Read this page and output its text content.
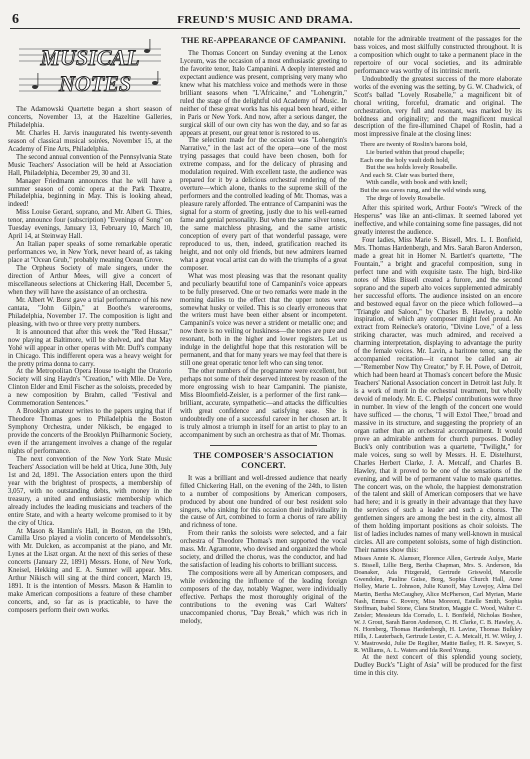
6	FREUND'S MUSIC AND DRAMA.
MUSICAL
NOTES

The Adamowski Quartette began a short season of concerts, November 13, at the Hazeltine Galleries, Philadelphia.

Mr. Charles H. Jarvis inaugurated his twenty-seventh season of classical musical soirées, November 15, at the Academy of Fine Arts, Philadelphia.

The second annual convention of the Pennsylvania State Music Teachers' Association will be held at Association Hall, Philadelphia, December 29, 30 and 31.

Manager Friedmann announces that he will have a summer season of comic opera at the Park Theatre, Philadelphia, beginning in May. This is looking ahead, indeed!

Miss Louise Gerard, soprano, and Mr. Albert G. Thies, tenor, announce four (subscription) "Evenings of Song" on Tuesday evenings, January 13, February 10, March 10, April 14, at Steinway Hall.

An Italian paper speaks of some remarkable operatic performances we, in New York, never heard of, as taking place at "Ocean Grub," probably meaning Ocean Grove.

The Orpheus Society of male singers, under the direction of Arthur Mees, will give a concert of miscellaneous selections at Chickering Hall, December 5, when they will have the assistance of an orchestra.

Mr. Albert W. Borst gave a trial performance of his new cantata, "John Gilpin," at Boothe's warerooms, Philadelphia, November 17. The composition is light and pleasing, with two or three very pretty numbers.

It is announced that after this week the "Red Hussar," now playing at Baltimore, will be shelved, and that May Yohé will appear in other operas with Mr. Duff's company in Chicago. This indifferent opera was a heavy weight for the pretty prima donna to carry.

At the Metropolitan Opera House to-night the Oratorio Society will sing Haydn's "Creation," with Mlle. De Vere, Clinton Elder and Emil Fischer as the soloists, preceded by a new composition by Brahm, called "Festival and Commemoration Sentences."

A Brooklyn amateur writes to the papers urging that if Theodore Thomas goes to Philadelphia the Boston Symphony Orchestra, under Nikisch, be engaged to provide the concerts of the Brooklyn Philharmonic Society, even if the arrangement involves a change of the regular nights of performance.

The next convention of the New York State Music Teachers' Association will be held at Utica, June 30th, July 1st and 2d, 1891. The Association enters upon the third year with the brightest of prospects, a membership of 3,057, with no outstanding debts, with money in the treasury, a united and enthusiastic membership which already includes the leading musicians and teachers of the entire State, and with a hearty welcome promised to it by the city of Utica.

At Mason & Hamlin's Hall, in Boston, on the 19th, Camilla Urso played a violin concerto of Mendelssohn's, with Mr. Dulcken, as accompanist at the piano, and Mr. Lynes at the Liszt organ. At the next of this series of these concerts (January 22, 1891) Messrs. Hone, of New York, Kneisel, Hekking and E. A. Sumner will appear. Mrs. Arthur Nikisch will sing at the third concert, March 19, 1891. It is the intention of Messrs. Mason & Hamlin to make American compositions a feature of these chamber concerts, and, so far as is practicable, to have the composers perform their own works.

THE RE-APPEARANCE OF CAMPANINI.

The Thomas Concert on Sunday evening at the Lenox Lyceum, was the occasion of a most enthusiastic greeting to the favorite tenor, Italo Campanini. A deeply interested and expectant audience was present, comprising very many who knew what his matchless voice and methods were in those brilliant seasons when "L'Africaine," and "Lohengrin," ruled the stage of the delightful old Academy of Music. In neither of these great works has his equal been heard, either in Paris or New York. And now, after a serious danger, the surgical skill of our own city has won the day, and so far as appears at present, our great tenor is restored to us.

The selection made for the occasion was "Lohengrin's Narrative," in the last act of the opera—one of the most trying passages that could have been chosen, both for extreme compass, and for the delicacy of phrasing and modulation required. With excellent taste, the audience was prepared for it by a delicious orchestral rendering of the overture—which alone, thanks to the supreme skill of the performers and the controlled leading of Mr. Thomas, was a pleasure rarely afforded. The entrance of Campanini was the signal for a storm of greeting, justly due to his well-earned fame and genial personality. But when the same silver tones, the same matchless phrasing, and the same artistic conception of every part of that wonderful passage, were reproduced to us, then, indeed, gratification reached its height, and not only old friends, but new admirers learned what a great vocal artist can do with the triumphs of a great composer.

What was most pleasing was that the resonant quality and peculiarly beautiful tone of Campanini's voice appears to be fully preserved. One or two remarks were made in the morning dailies to the effect that the upper notes were somewhat husky or veiled. This is so clearly erroneous that the writers must have been either absent or incompetent. Campanini's voice was never a strident or metallic one; and now there is no veiling or huskiness—the tones are pure and resonant, both in the higher and lower registers. Let us indulge in the delightful hope that this restoration will be permanent, and that for many years we may feel that there is still one great operatic tenor left who can sing tenor.

The other numbers of the programme were excellent, but perhaps not some of their deserved interest by reason of the more engrossing wish to hear Campanini. The pianiste, Miss Bloomfield-Zeisler, is a performer of the first rank—brilliant, accurate, sympathetic—and attacks the difficulties with great confidence and satisfying ease. She is undoubtedly one of a successful career in her chosen art. It is truly almost a triumph in itself for an artist to play to an accompaniment by such an orchestra as that of Mr. Thomas.

THE COMPOSER'S ASSOCIATION CONCERT.

It was a brilliant and well-dressed audience that nearly filled Chickering Hall, on the evening of the 24th, to listen to a number of compositions by American composers, produced by about one hundred of our best resident solo singers, who sinking for this occasion their individuality in the cause of Art, combined to form a chorus of rare ability and richness of tone.

From their ranks the soloists were selected, and a fair orchestra of Theodore Thomas's men supported the vocal mass. Mr. Agramonte, who devised and organized the whole society, and drilled the chorus, was the conductor, and had the satisfaction of leading his cohorts to brilliant success.

The compositions were all by American composers, and while evidencing the influence of the leading foreign composers of the day, notably Wagner, were individually effective. Perhaps the most thoroughly original of the contributions to the evening was Carl Walters' unaccompanied chorus, "Day Break," which was rich in melody,

notable for the admirable treatment of the passages for the bass voices, and most skilfully constructed throughout. It is a composition which ought to take a permanent place in the repertoire of our vocal societies, and its admirable performance was worthy of its intrinsic merit.

Undoubtedly the greatest success of the more elaborate works of the evening was the setting, by G. W. Chadwick, of Scott's ballad "Lovely Rosabelle," a magnificent bit of choral writing, forceful, dramatic and original. The orchestration, very full and resonant, was marked by its boldness and originality; and the magnificent musical description of the fire-illumined Chapel of Roslin, had a most impressive finale at the closing lines:

There are twenty of Roslin's barons bold,
Lie buried within that proud chapelle;
Each one the holy vault doth hold,
But the sea holds lovely Rosabelle.
And each St. Clair was buried there,
With candle, with book and with knell;
But the sea caves rung, and the wild winds sung,
The dirge of lovely Rosabelle.

After this spirited work, Arthur Foote's "Wreck of the Hesperus" was like an anti-climax. It seemed labored yet ineffective, and while containing some fine passages, did not greatly interest the audience.

Four ladies, Miss Marie S. Bissell, Mrs. L. I. Bonfield, Mrs. Thomas Hardenbergh, and Mrs. Sarah Baron Anderson, made a great hit in Homer N. Bartlett's quartette, "The Fountain," a bright and graceful composition, sung in perfect tune and with exquisite taste. The high, bird-like notes of Miss Bissell created a furore, and the second soprano and the superb alto voices supplemented admirably her successful efforts. The audience insisted on an encore and bestowed equal favor on the piece which followed—a "Triangle and Saloon," by Charles B. Hawley, a noble inspiration, of which any composer might feel proud. An extract from Reinecke's oratorio, "Divine Love," of a less striking character, was much admired, and received a charming interpretation, displaying to advantage the purity of the female voices. Mr. Lavin, a baritone tenor, sang the accompanied recitation—it cannot be called an air—"Remember Now Thy Creator," by F. H. Powe, of Detroit, which had been heard at Thomas's concert before the Music Teachers' National Association concert in Detroit last July. It is a work of merit in the orchestral treatment, but wholly devoid of melody. Mr. E. C. Phelps' contributions were three in number. In view of the length of the concert one would have sufficed — the chorus, "I will Extol Thee," broad and massive in its structure, and suggesting the propriety of an organ rather than an orchestral accompaniment. It would prove an admirable anthem for church purposes. Dudley Buck's only contribution was a quartette, "Twilight," for male voices, sung so well by Messrs. H. E. Distelhurst, Charles Herbert Clarke, J. A. Metcalf, and Charles B. Hawley, that it proved to be one of the sensations of the evening, and will be of permanent value to male quartettes. The concert was, on the whole, the happiest demonstration of the talent and skill of American composers that we have had here; and it is greatly in their advantage that they have the services of such a leader and such a chorus. The gentlemen singers are among the best in the city, almost all of them holding important positions as choir soloists. The list of ladies includes names of many well-known in musical circles. All are competent soloists, some of high distinction. Their names show this:

Misses Annie K. Alamser, Florence Allen, Gertrude Aulye, Marie S. Bissell, Lillie Berg, Bertha Chapman, Mrs. S. Anderson, Ida Doanaker, Ada Fitzgerald, Gertrude Griswold, Marcelle Gwendolen, Pauline Guise, Borg, Sophia Church Hall, Anne Holley, Marie L. Johnson, Julie Kunoff, May Lovejoy, Alma Del Martin, Bertha McCaughey, Alice McPherson, Carl Myrian, Marie Nash, Emma C. Rovery, Miss Moreoni, Estelle Smith, Sophia Stoffman, Isabel Stone, Clara Stratton, Maggie C. Wood, Walter C. Zeisler; Messieurs Ida Corrado, L. I. Bonfield, Nicholas Boshee, W. J. Grout, Sarah Baron Anderson, C. H. Clarke, C. B. Hawley, A. N. Hornberg, Thomas Hardenbergh, H. Lavine, Thomas Bulkley Hills, J. Lauterbach, Gertrude Lester, C. A. Metcalf, H. W. Wiley, J. V. Mastrowski, Julie De Regilier, Mattie Bailey, H. R. Sawyer, S. R. Williams, A. L. Waters and Ida Reed Young.

At the next concert of this splendid young society, Dudley Buck's "Light of Asia" will be produced for the first time in this city.
